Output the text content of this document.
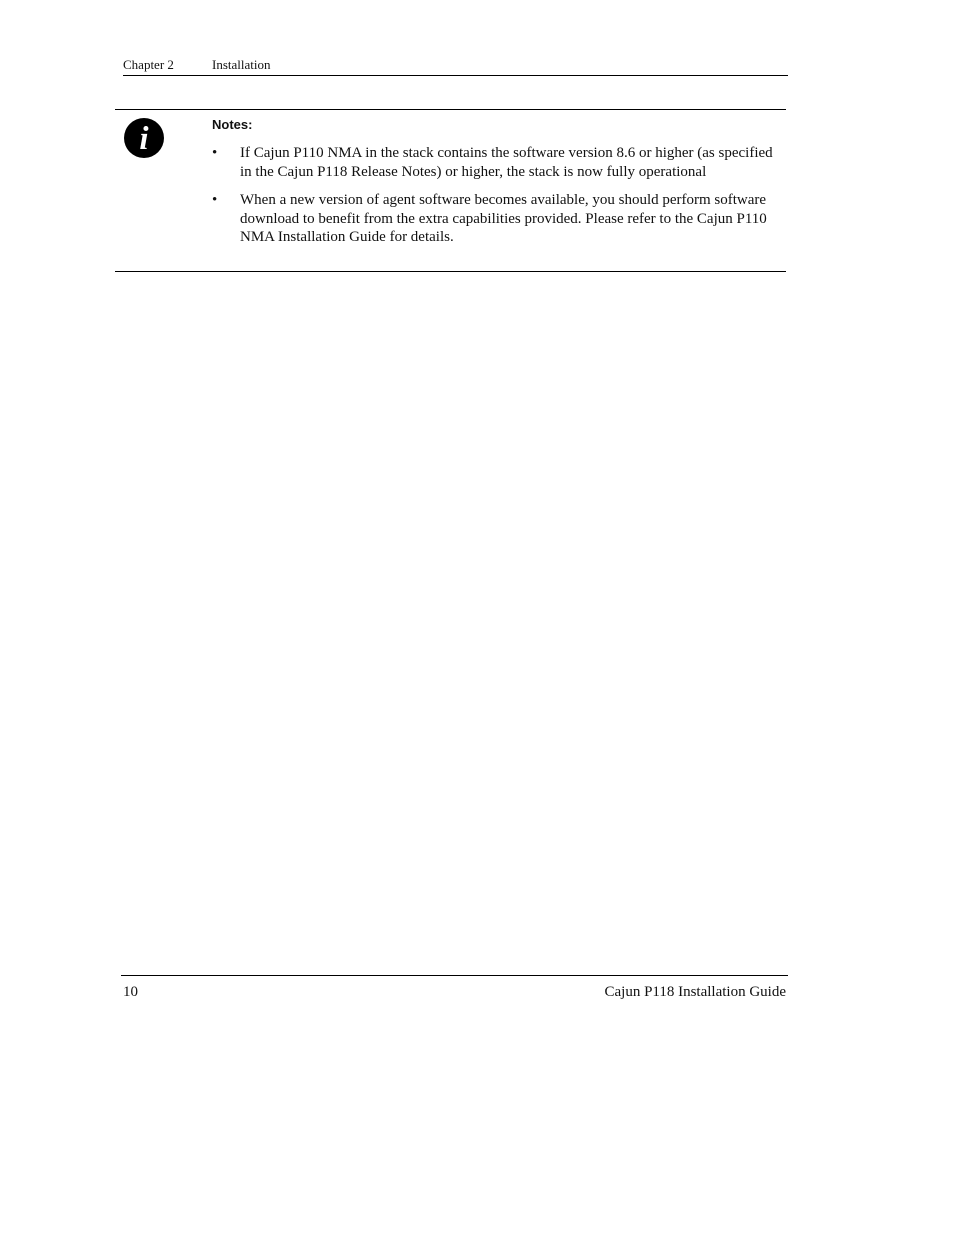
Chapter 2	Installation
i	Notes:
• If Cajun P110 NMA in the stack contains the software version 8.6 or higher (as specified in the Cajun P118 Release Notes) or higher, the stack is now fully operational
• When a new version of agent software becomes available, you should perform software download to benefit from the extra capabilities provided. Please refer to the Cajun P110 NMA Installation Guide for details.
10	Cajun P118 Installation Guide
